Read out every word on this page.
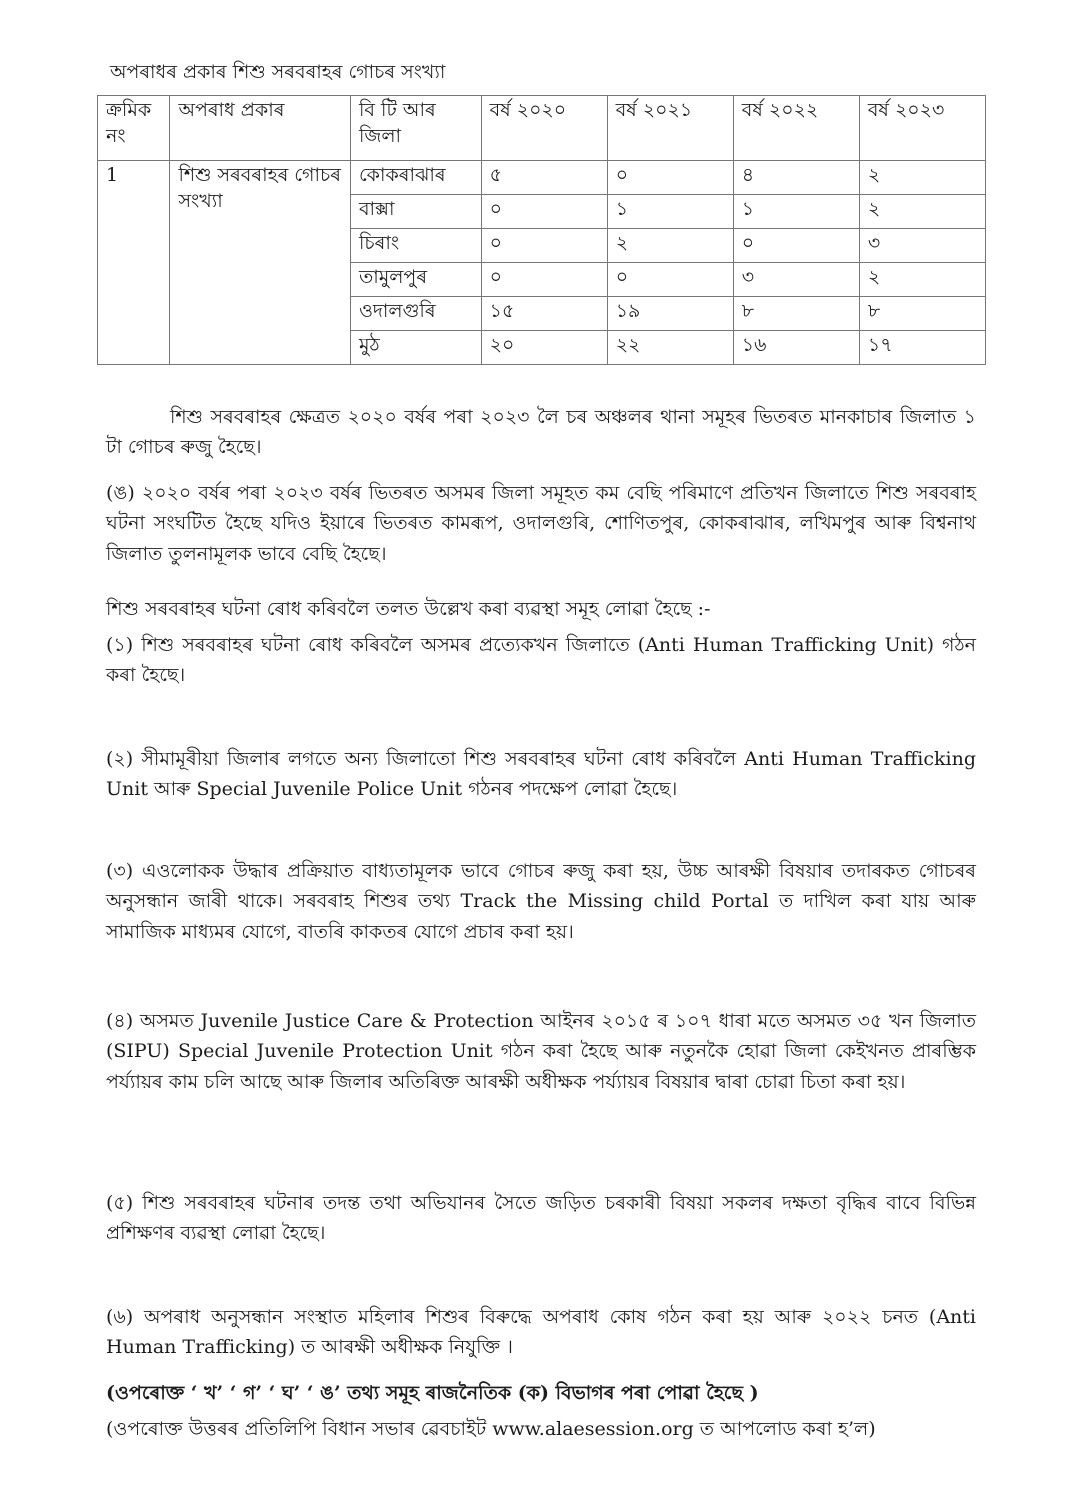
অপৰাধৰ প্ৰকাৰ শিশু সৰবৰাহৰ গোচৰ সংখ্যা
ক্ৰমিক নং	অপৰাধ প্ৰকাৰ	বি টি আৰ জিলা	বৰ্ষ ২০২০	বৰ্ষ ২০২১	বৰ্ষ ২০২২	বৰ্ষ ২০২৩
1	শিশু সৰবৰাহৰ গোচৰ সংখ্যা	কোকৰাঝাৰ	৫	০	৪	২
		বাক্সা	০	১	১	২
		চিৰাং	০	২	০	৩
		তামুলপুৰ	০	০	৩	২
		ওদালগুৰি	১৫	১৯	৮	৮
		মুঠ	২০	২২	১৬	১৭
শিশু সৰবৰাহৰ ক্ষেত্ৰত ২০২০ বৰ্ষৰ পৰা ২০২৩ লৈ চৰ অঞ্চলৰ থানা সমূহৰ ভিতৰত মানকাচাৰ জিলাত ১ টা গোচৰ ৰুজু হৈছে।
(ঙ) ২০২০ বৰ্ষৰ পৰা ২০২৩ বৰ্ষৰ ভিতৰত অসমৰ জিলা সমূহত কম বেছি পৰিমাণে প্ৰতিখন জিলাতে শিশু সৰবৰাহ ঘটনা সংঘটিত হৈছে যদিও ইয়াৰে ভিতৰত কামৰূপ, ওদালগুৰি, শোণিতপুৰ, কোকৰাঝাৰ, লখিমপুৰ আৰু বিশ্বনাথ জিলাত তুলনামূলক ভাবে বেছি হৈছে।
শিশু সৰবৰাহৰ ঘটনা ৰোধ কৰিবলৈ তলত উল্লেখ কৰা ব্যৱস্থা সমূহ লোৱা হৈছে :-
(১) শিশু সৰবৰাহৰ ঘটনা ৰোধ কৰিবলৈ অসমৰ প্ৰত্যেকখন জিলাতে (Anti Human Trafficking Unit) গঠন কৰা হৈছে।
(২) সীমামূৰীয়া জিলাৰ লগতে অন্য জিলাতো শিশু সৰবৰাহৰ ঘটনা ৰোধ কৰিবলৈ Anti Human Trafficking Unit আৰু Special Juvenile Police Unit গঠনৰ পদক্ষেপ লোৱা হৈছে।
(৩) এওলোকক উদ্ধাৰ প্ৰক্ৰিয়াত বাধ্যতামূলক ভাবে গোচৰ ৰুজু কৰা হয়, উচ্চ আৰক্ষী বিষয়াৰ তদাৰকত গোচৰৰ অনুসন্ধান জাৰী থাকে। সৰবৰাহ শিশুৰ তথ্য Track the Missing child Portal ত দাখিল কৰা যায় আৰু সামাজিক মাধ্যমৰ যোগে, বাতৰি কাকতৰ যোগে প্ৰচাৰ কৰা হয়।
(৪) অসমত Juvenile Justice Care & Protection আইনৰ ২০১৫ ৰ ১০৭ ধাৰা মতে অসমত ৩৫ খন জিলাত (SIPU) Special Juvenile Protection Unit গঠন কৰা হৈছে আৰু নতুনকৈ হোৱা জিলা কেইখনত প্ৰাৰম্ভিক পৰ্য্যায়ৰ কাম চলি আছে আৰু জিলাৰ অতিৰিক্ত আৰক্ষী অধীক্ষক পৰ্য্যায়ৰ বিষয়াৰ দ্বাৰা চোৱা চিতা কৰা হয়।
(৫) শিশু সৰবৰাহৰ ঘটনাৰ তদন্ত তথা অভিযানৰ সৈতে জড়িত চৰকাৰী বিষয়া সকলৰ দক্ষতা বৃদ্ধিৰ বাবে বিভিন্ন প্ৰশিক্ষণৰ ব্যৱস্থা লোৱা হৈছে।
(৬) অপৰাধ অনুসন্ধান সংস্থাত মহিলাৰ শিশুৰ বিৰুদ্ধে অপৰাধ কোষ গঠন কৰা হয় আৰু ২০২২ চনত (Anti Human Trafficking) ত আৰক্ষী অধীক্ষক নিযুক্তি ।
(ওপৰোক্ত ‘ খ’ ‘ গ’ ‘ ঘ’ ‘ ঙ’ তথ্য সমূহ ৰাজনৈতিক (ক) বিভাগৰ পৰা পোৱা হৈছে )
(ওপৰোক্ত উত্তৰৰ প্ৰতিলিপি বিধান সভাৰ ৱেবচাইট www.alaesession.org ত আপলোড কৰা হ’ল)
